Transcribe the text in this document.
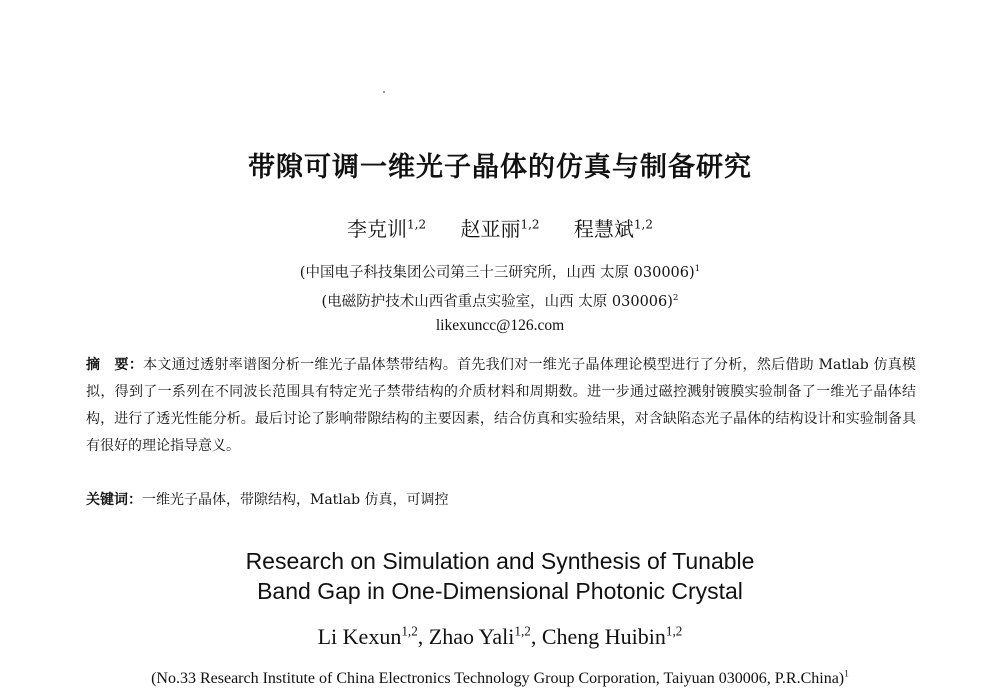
带隙可调一维光子晶体的仿真与制备研究
李克训$^{1,2}$ 赵亚丽$^{1,2}$ 程慧斌$^{1,2}$
(中国电子科技集团公司第三十三研究所，山西 太原 030006)$^1$
(电磁防护技术山西省重点实验室，山西 太原 030006)$^2$
likexuncc@126.com
摘　要：本文通过透射率谱图分析一维光子晶体禁带结构。首先我们对一维光子晶体理论模型进行了分析，然后借助 Matlab 仿真模拟，得到了一系列在不同波长范围具有特定光子禁带结构的介质材料和周期数。进一步通过磁控溅射镀膜实验制备了一维光子晶体结构，进行了透光性能分析。最后讨论了影响带隙结构的主要因素，结合仿真和实验结果，对含缺陷态光子晶体的结构设计和实验制备具有很好的理论指导意义。
关键词：一维光子晶体，带隙结构，Matlab 仿真，可调控
Research on Simulation and Synthesis of Tunable
Band Gap in One-Dimensional Photonic Crystal
Li Kexun$^{1,2}$, Zhao Yali$^{1,2}$, Cheng Huibin$^{1,2}$
(No.33 Research Institute of China Electronics Technology Group Corporation, Taiyuan 030006, P.R.China)$^1$
